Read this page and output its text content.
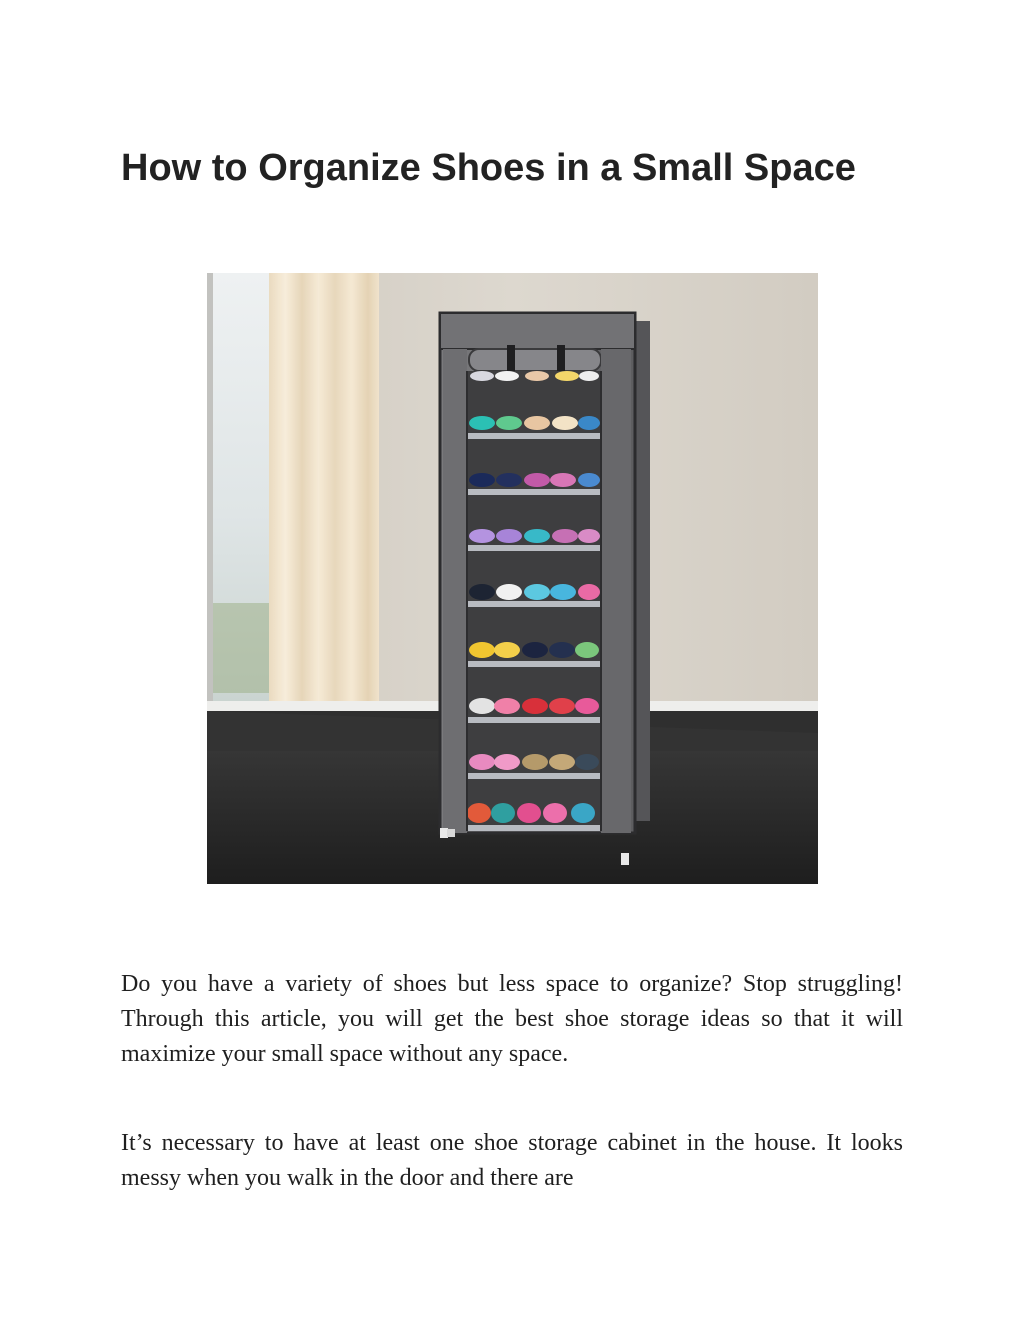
How to Organize Shoes in a Small Space

Do you have a variety of shoes but less space to organize? Stop struggling! Through this article, you will get the best shoe storage ideas so that it will maximize your small space without any space.

It’s necessary to have at least one shoe storage cabinet in the house. It looks messy when you walk in the door and there are
